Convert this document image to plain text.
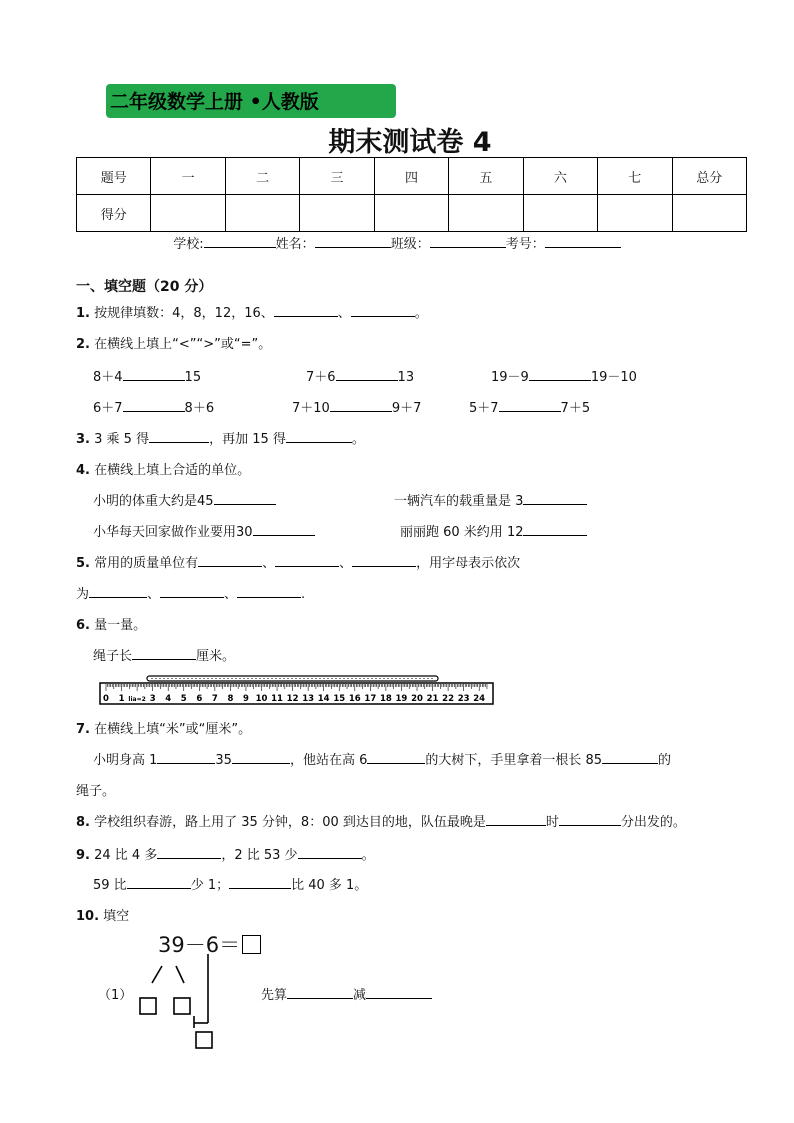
二年级数学上册 •人教版
期末测试卷 4
题号	一	二	三	四	五	六	七	总分
得分								
学校:	姓名：	班级：	考号：
一、填空题（20 分）
1. 按规律填数：4，8，12，16、	、	。
2. 在横线上填上“<”“>”或“=”。
8＋4	15	7＋6	13	19－9	19－10
6＋7	8＋6	7＋10	9＋7	5＋7	7＋5
3. 3 乘 5 得	，再加 15 得	。
4. 在横线上填上合适的单位。
小明的体重大约是45	一辆汽车的载重量是 3
小华每天回家做作业要用30	丽丽跑 60 米约用 12
5. 常用的质量单位有	、	、	，用字母表示依次
为	、	、	.
6. 量一量。
绳子长	厘米。
0 1 lia=2 3 4 5 6 7 8 9 10 11 12 13 14 15 16 17 18 19 20 21 22 23 24
7. 在横线上填“米”或“厘米”。
小明身高 1	35	，他站在高 6	的大树下，手里拿着一根长 85	的
绳子。
8. 学校组织春游，路上用了 35 分钟，8：00 到达目的地，队伍最晚是	时	分出发的。
9. 24 比 4 多	，2 比 53 少	。
59 比	少 1；	比 40 多 1。
10. 填空
（1）
39－6＝
先算	减
